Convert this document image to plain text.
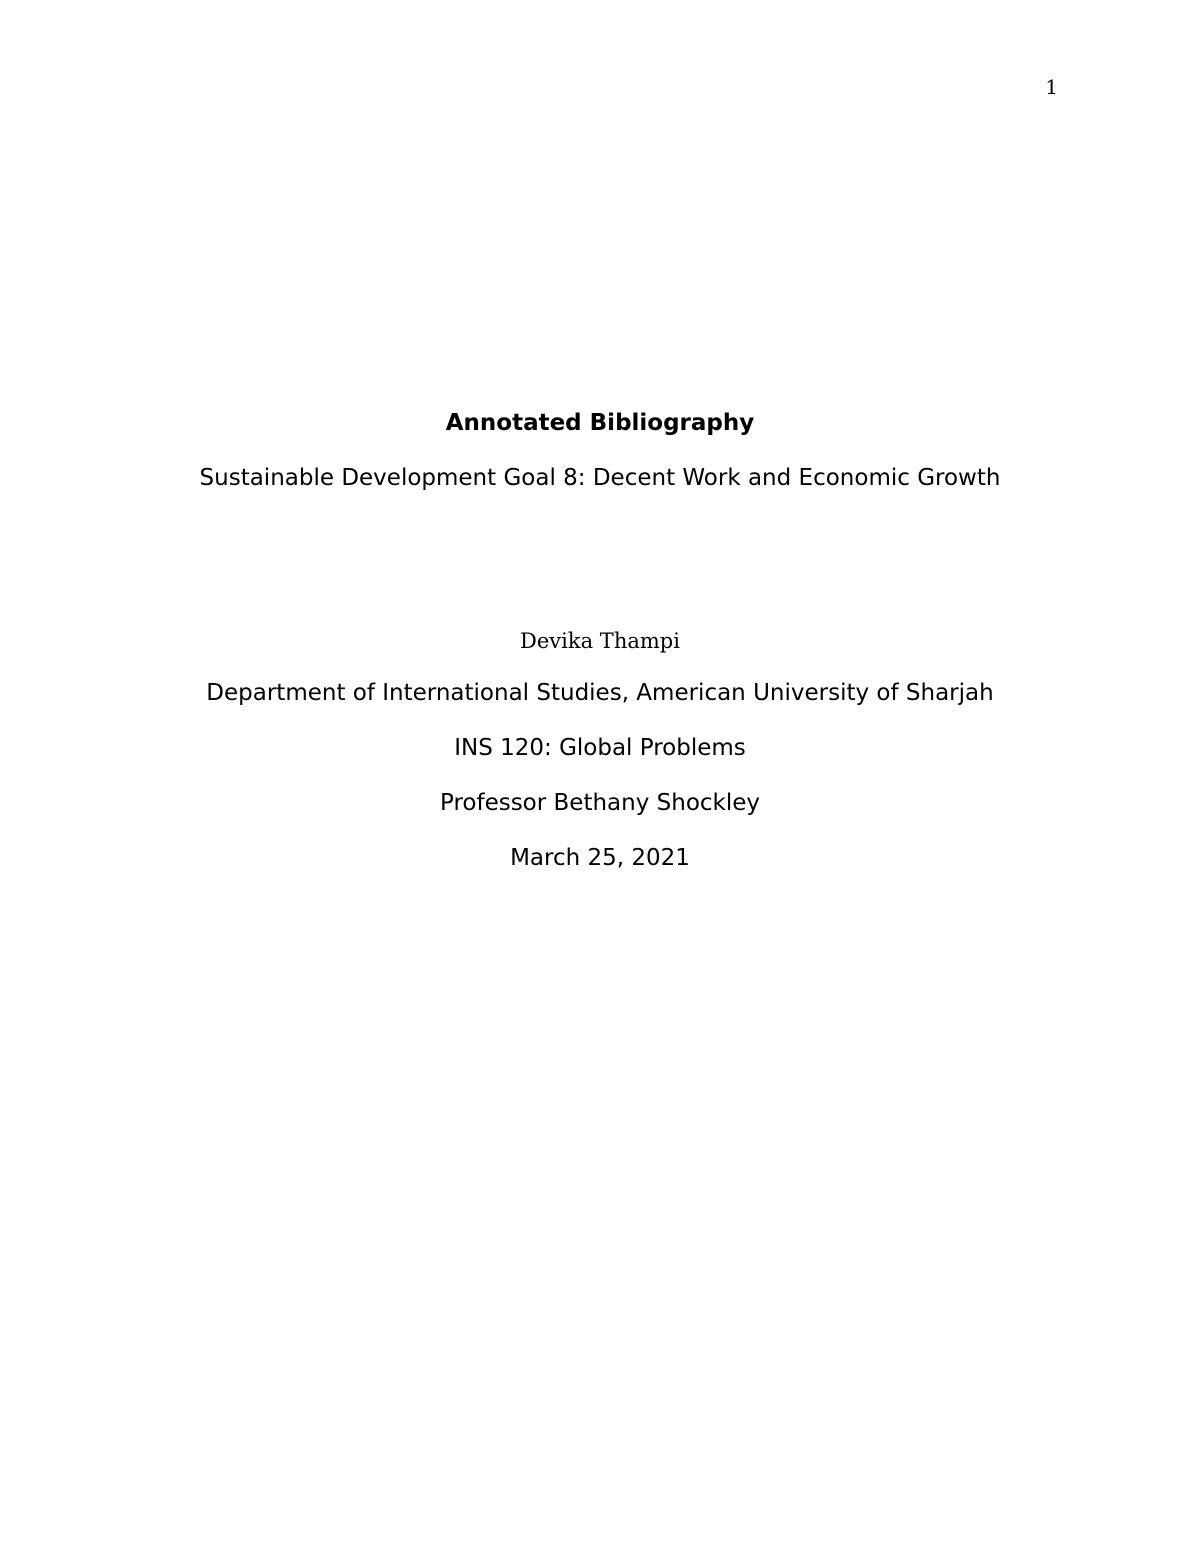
1
Annotated Bibliography
Sustainable Development Goal 8: Decent Work and Economic Growth
Devika Thampi
Department of International Studies, American University of Sharjah
INS 120: Global Problems
Professor Bethany Shockley
March 25, 2021
